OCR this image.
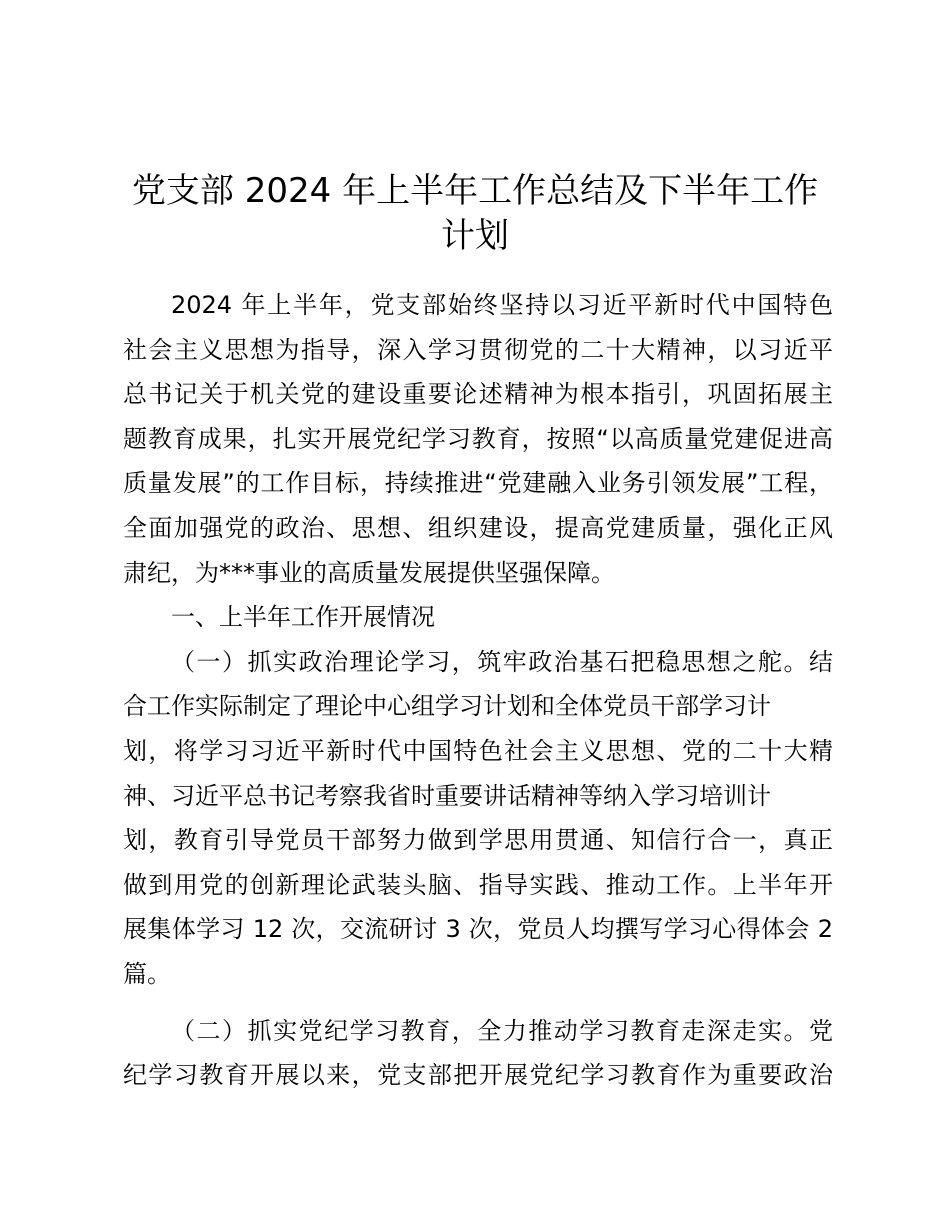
党支部 2024 年上半年工作总结及下半年工作
计划
2024 年上半年，党支部始终坚持以习近平新时代中国特色
社会主义思想为指导，深入学习贯彻党的二十大精神，以习近平
总书记关于机关党的建设重要论述精神为根本指引，巩固拓展主
题教育成果，扎实开展党纪学习教育，按照“以高质量党建促进高
质量发展”的工作目标，持续推进“党建融入业务引领发展”工程，
全面加强党的政治、思想、组织建设，提高党建质量，强化正风
肃纪，为***事业的高质量发展提供坚强保障。
一、上半年工作开展情况
（一）抓实政治理论学习，筑牢政治基石把稳思想之舵。结
合工作实际制定了理论中心组学习计划和全体党员干部学习计
划，将学习习近平新时代中国特色社会主义思想、党的二十大精
神、习近平总书记考察我省时重要讲话精神等纳入学习培训计
划，教育引导党员干部努力做到学思用贯通、知信行合一，真正
做到用党的创新理论武装头脑、指导实践、推动工作。上半年开
展集体学习 12 次，交流研讨 3 次，党员人均撰写学习心得体会 2
篇。
（二）抓实党纪学习教育，全力推动学习教育走深走实。党
纪学习教育开展以来，党支部把开展党纪学习教育作为重要政治
